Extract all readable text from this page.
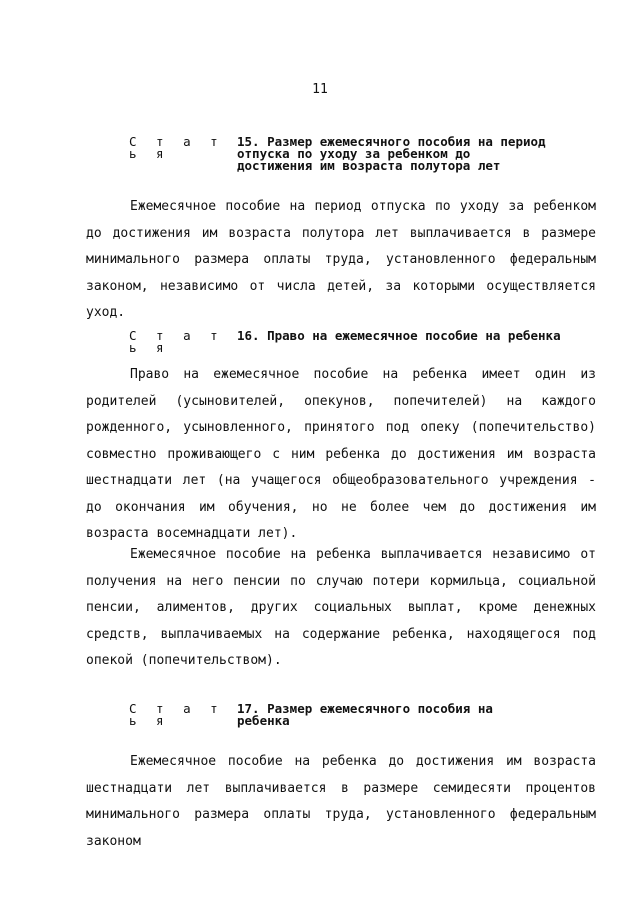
11
С т а т ь я
15. Размер ежемесячного пособия на период
отпуска по уходу за ребенком до
достижения им возраста полутора лет

Ежемесячное пособие на период отпуска по уходу за ребенком до достижения им возраста полутора лет выплачивается в размере минимального размера оплаты труда, установленного федеральным законом, независимо от числа детей, за которыми осуществляется уход.

С т а т ь я
16. Право на ежемесячное пособие на ребенка

Право на ежемесячное пособие на ребенка имеет один из родителей (усыновителей, опекунов, попечителей) на каждого рожденного, усыновленного, принятого под опеку (попечительство) совместно проживающего с ним ребенка до достижения им возраста шестнадцати лет (на учащегося общеобразовательного учреждения - до окончания им обучения, но не более чем до достижения им возраста восемнадцати лет).

Ежемесячное пособие на ребенка выплачивается независимо от получения на него пенсии по случаю потери кормильца, социальной пенсии, алиментов, других социальных выплат, кроме денежных средств, выплачиваемых на содержание ребенка, находящегося под опекой (попечительством).

С т а т ь я
17. Размер ежемесячного пособия на
ребенка

Ежемесячное пособие на ребенка до достижения им возраста шестнадцати лет выплачивается в размере семидесяти процентов минимального размера оплаты труда, установленного федеральным законом
